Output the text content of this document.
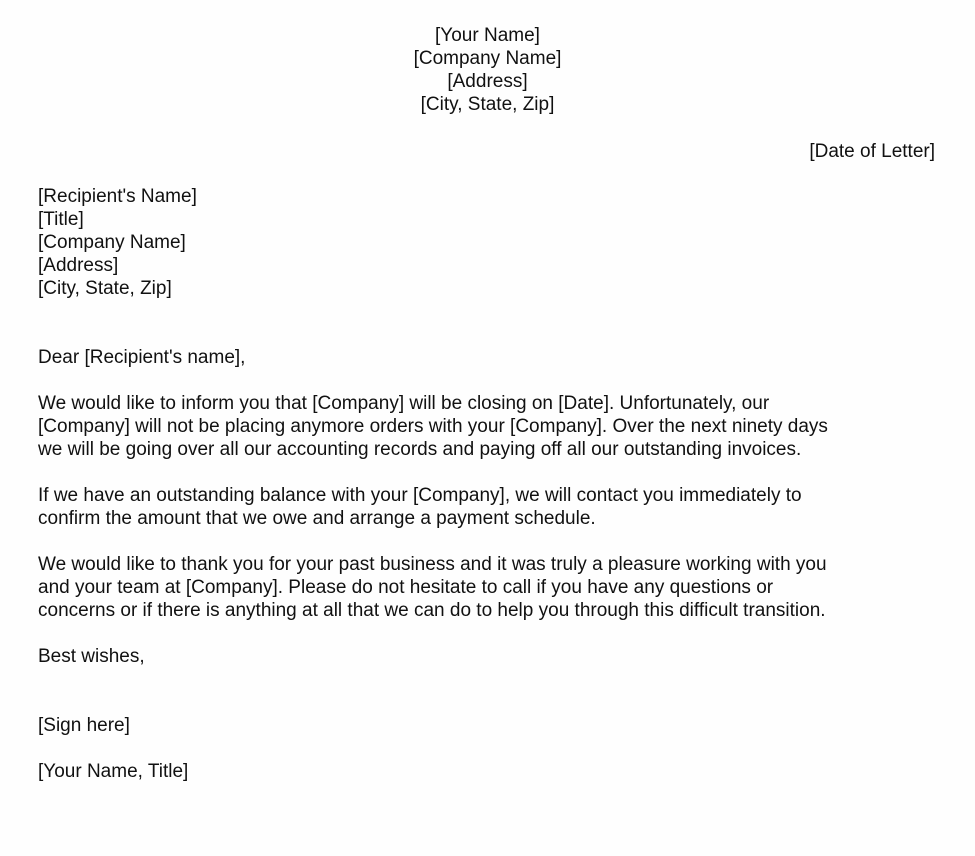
[Your Name]
[Company Name]
[Address]
[City, State, Zip]
[Date of Letter]
[Recipient's Name]
[Title]
[Company Name]
[Address]
[City, State, Zip]
Dear [Recipient's name],
We would like to inform you that [Company] will be closing on [Date]. Unfortunately, our
[Company] will not be placing anymore orders with your [Company]. Over the next ninety days
we will be going over all our accounting records and paying off all our outstanding invoices.
If we have an outstanding balance with your [Company], we will contact you immediately to
confirm the amount that we owe and arrange a payment schedule.
We would like to thank you for your past business and it was truly a pleasure working with you
and your team at [Company]. Please do not hesitate to call if you have any questions or
concerns or if there is anything at all that we can do to help you through this difficult transition.
Best wishes,
[Sign here]
[Your Name, Title]
